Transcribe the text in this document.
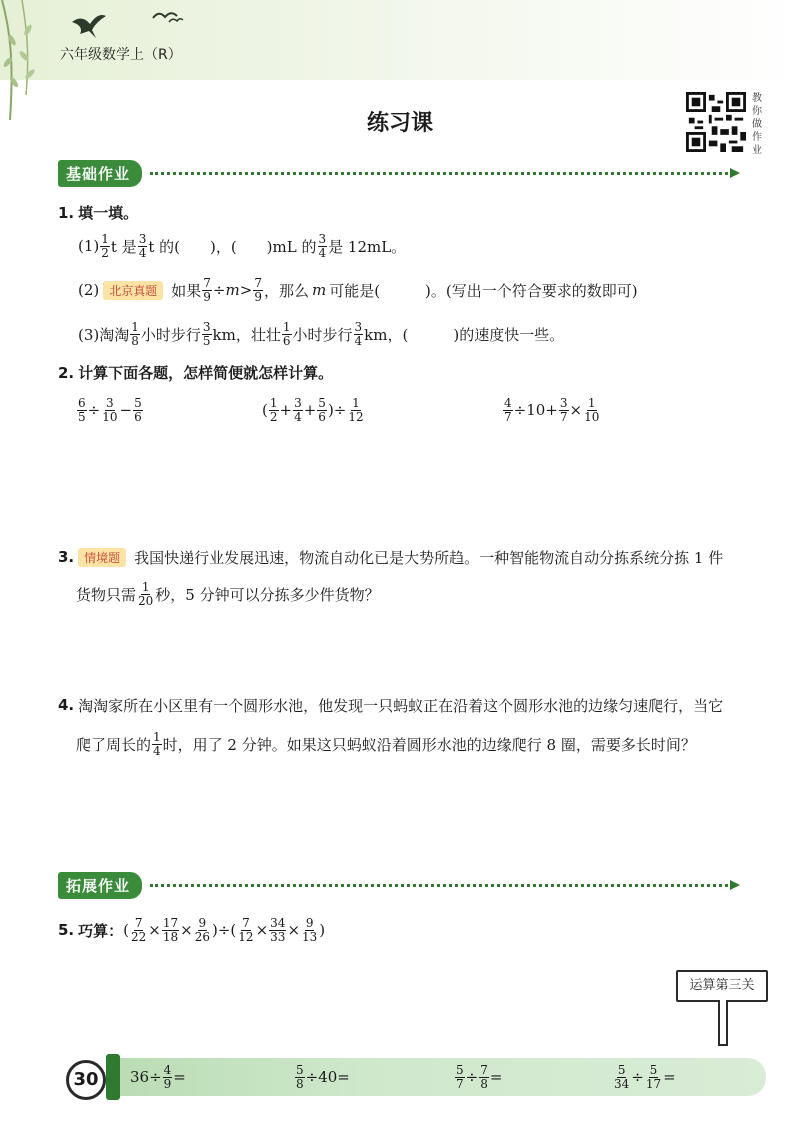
六年级数学上（R）
练习课
教你做作业
基础作业
1. 填一填。
$(1) \frac{1}{2}$ t 是 $\frac{3}{4}$ t 的(　　)，(　　)mL 的 $\frac{3}{4}$ 是 12mL。
(2) 北京真题 如果 $\frac{7}{9} \div m > \frac{7}{9}$ ，那么 m 可能是(　　　)。(写出一个符合要求的数即可)
(3)淘淘 $\frac{1}{8}$ 小时步行 $\frac{3}{5}$ km，壮壮 $\frac{1}{6}$ 小时步行 $\frac{3}{4}$ km，(　　　)的速度快一些。
2. 计算下面各题，怎样简便就怎样计算。
$\frac{6}{5} \div \frac{3}{10} - \frac{5}{6}$	( $\frac{1}{2} + \frac{3}{4} + \frac{5}{6}$ )÷ $\frac{1}{12}$	$\frac{4}{7} \div 10+ \frac{3}{7} \times \frac{1}{10}$
3. 情境题 我国快递行业发展迅速，物流自动化已是大势所趋。一种智能物流自动分拣系统分拣 1 件
货物只需 $\frac{1}{20}$ 秒，5 分钟可以分拣多少件货物？
4. 淘淘家所在小区里有一个圆形水池，他发现一只蚂蚁正在沿着这个圆形水池的边缘匀速爬行，当它
爬了周长的 $\frac{1}{4}$ 时，用了 2 分钟。如果这只蚂蚁沿着圆形水池的边缘爬行 8 圈，需要多长时间？
拓展作业
5. 巧算： ( $\frac{7}{22} \times \frac{17}{18} \times \frac{9}{26}$ )÷( $\frac{7}{12} \times \frac{34}{33} \times \frac{9}{13}$ )
运算第三关
30	$36\div \frac{4}{9}$ =	$\frac{5}{8} \div 40=$	$\frac{5}{7} \div \frac{7}{8}$ =	$\frac{5}{34} \div \frac{5}{17}$ =
